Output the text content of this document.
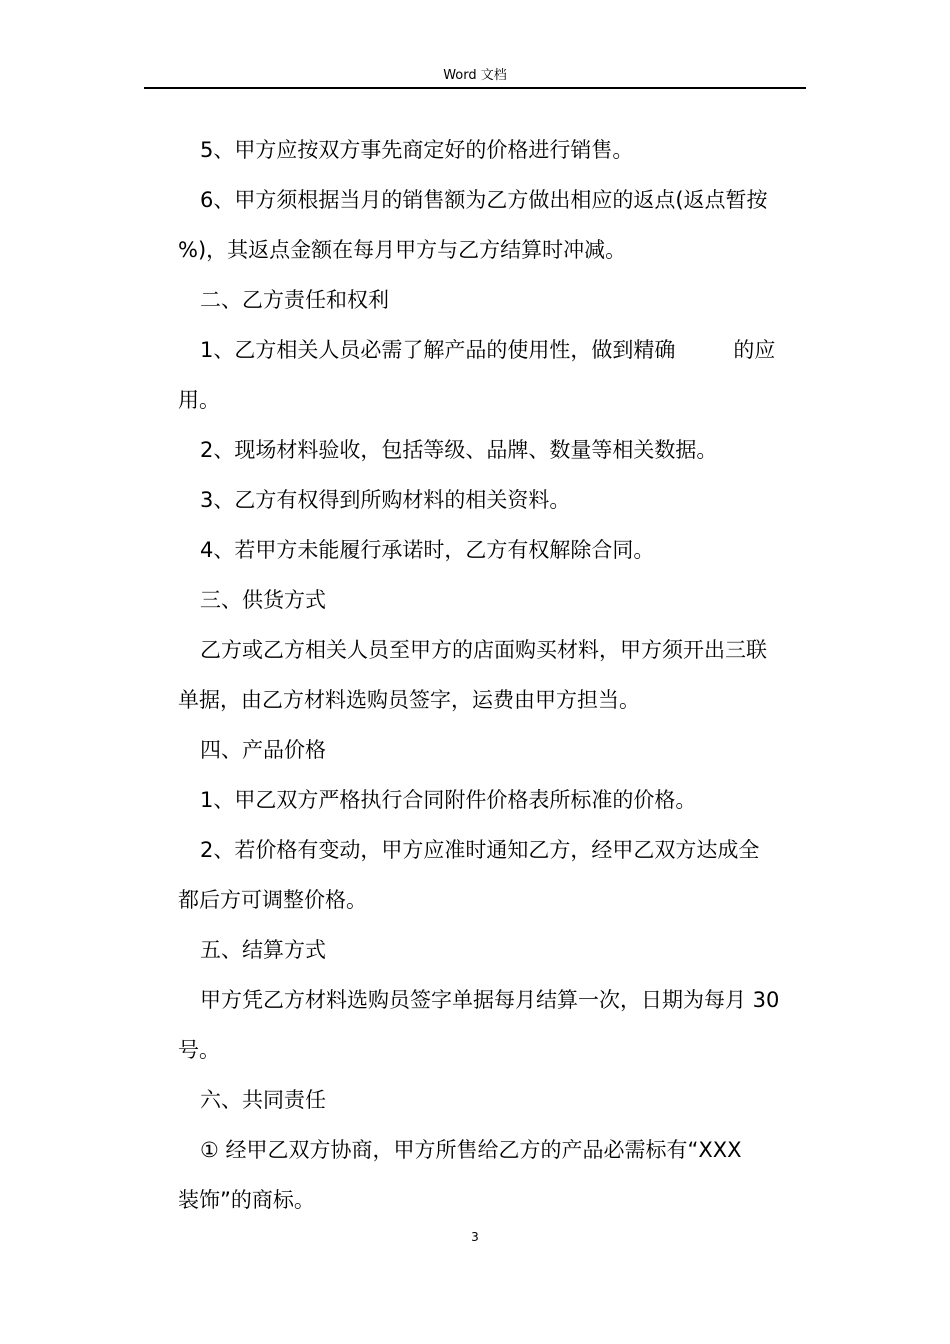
Word 文档

5、甲方应按双方事先商定好的价格进行销售。

6、甲方须根据当月的销售额为乙方做出相应的返点(返点暂按

%)，其返点金额在每月甲方与乙方结算时冲减。

二、乙方责任和权利

1、乙方相关人员必需了解产品的使用性，做到精确	的应

用。

2、现场材料验收，包括等级、品牌、数量等相关数据。

3、乙方有权得到所购材料的相关资料。

4、若甲方未能履行承诺时，乙方有权解除合同。

三、供货方式

乙方或乙方相关人员至甲方的店面购买材料，甲方须开出三联

单据，由乙方材料选购员签字，运费由甲方担当。

四、产品价格

1、甲乙双方严格执行合同附件价格表所标准的价格。

2、若价格有变动，甲方应准时通知乙方，经甲乙双方达成全

都后方可调整价格。

五、结算方式

甲方凭乙方材料选购员签字单据每月结算一次，日期为每月 30

号。

六、共同责任

① 经甲乙双方协商，甲方所售给乙方的产品必需标有“XXX

装饰”的商标。

3
